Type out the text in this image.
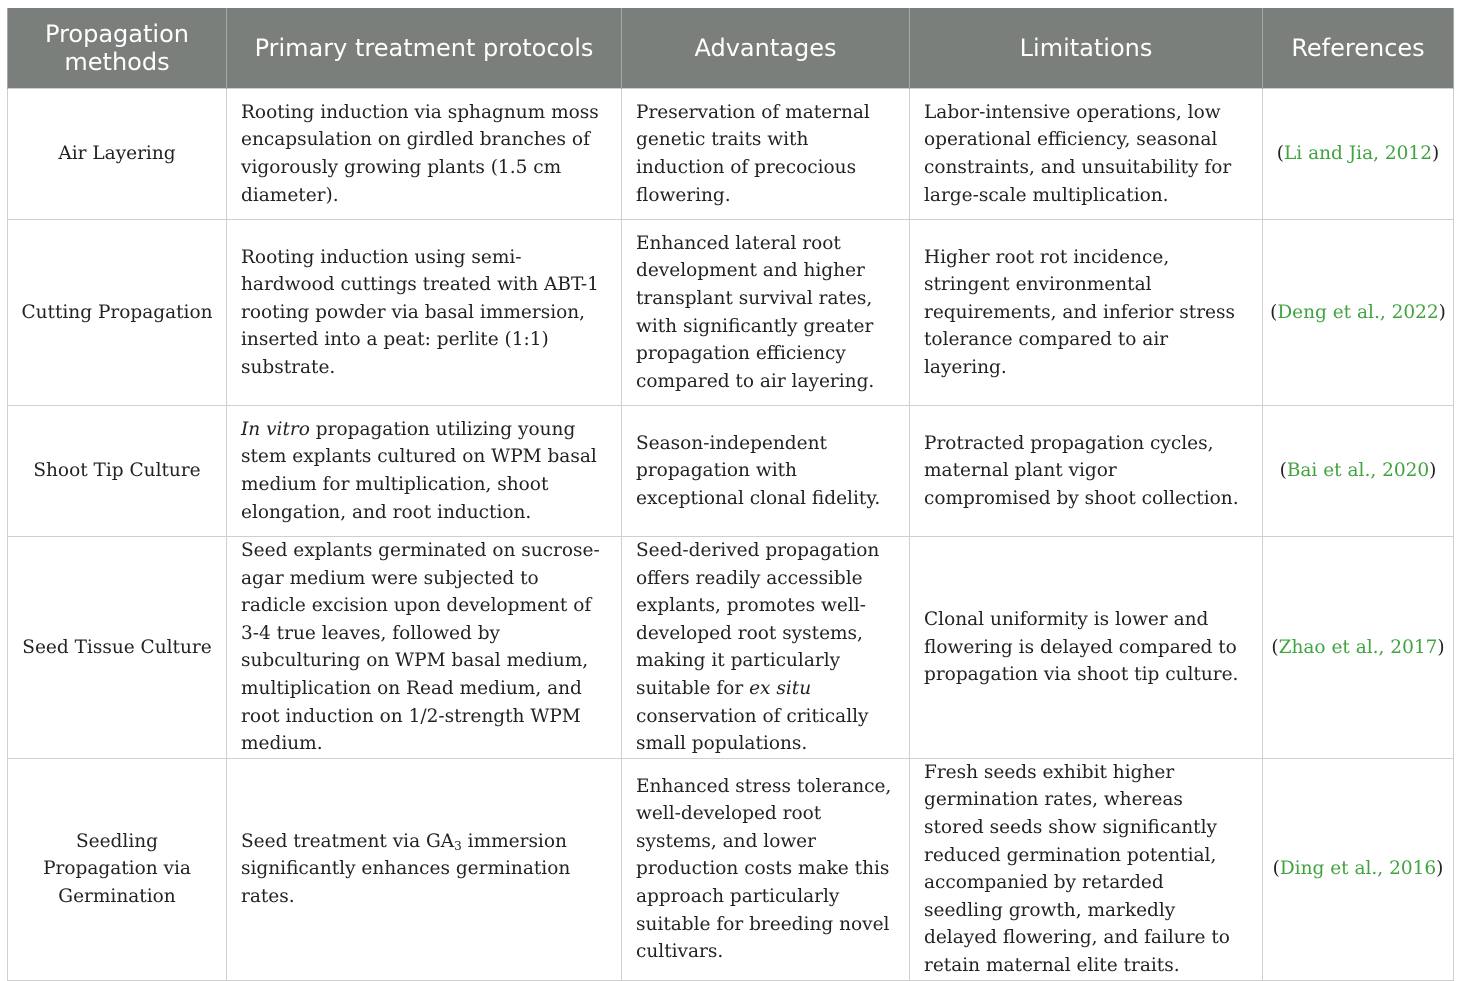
Propagation methods	Primary treatment protocols	Advantages	Limitations	References
Air Layering	Rooting induction via sphagnum moss encapsulation on girdled branches of vigorously growing plants (1.5 cm diameter).	Preservation of maternal genetic traits with induction of precocious flowering.	Labor-intensive operations, low operational efficiency, seasonal constraints, and unsuitability for large-scale multiplication.	(Li and Jia, 2012)
Cutting Propagation	Rooting induction using semi-hardwood cuttings treated with ABT-1 rooting powder via basal immersion, inserted into a peat: perlite (1:1) substrate.	Enhanced lateral root development and higher transplant survival rates, with significantly greater propagation efficiency compared to air layering.	Higher root rot incidence, stringent environmental requirements, and inferior stress tolerance compared to air layering.	(Deng et al., 2022)
Shoot Tip Culture	In vitro propagation utilizing young stem explants cultured on WPM basal medium for multiplication, shoot elongation, and root induction.	Season-independent propagation with exceptional clonal fidelity.	Protracted propagation cycles, maternal plant vigor compromised by shoot collection.	(Bai et al., 2020)
Seed Tissue Culture	Seed explants germinated on sucrose-agar medium were subjected to radicle excision upon development of 3-4 true leaves, followed by subculturing on WPM basal medium, multiplication on Read medium, and root induction on 1/2-strength WPM medium.	Seed-derived propagation offers readily accessible explants, promotes well-developed root systems, making it particularly suitable for ex situ conservation of critically small populations.	Clonal uniformity is lower and flowering is delayed compared to propagation via shoot tip culture.	(Zhao et al., 2017)
Seedling Propagation via Germination	Seed treatment via $GA_3$ immersion significantly enhances germination rates.	Enhanced stress tolerance, well-developed root systems, and lower production costs make this approach particularly suitable for breeding novel cultivars.	Fresh seeds exhibit higher germination rates, whereas stored seeds show significantly reduced germination potential, accompanied by retarded seedling growth, markedly delayed flowering, and failure to retain maternal elite traits.	(Ding et al., 2016)
